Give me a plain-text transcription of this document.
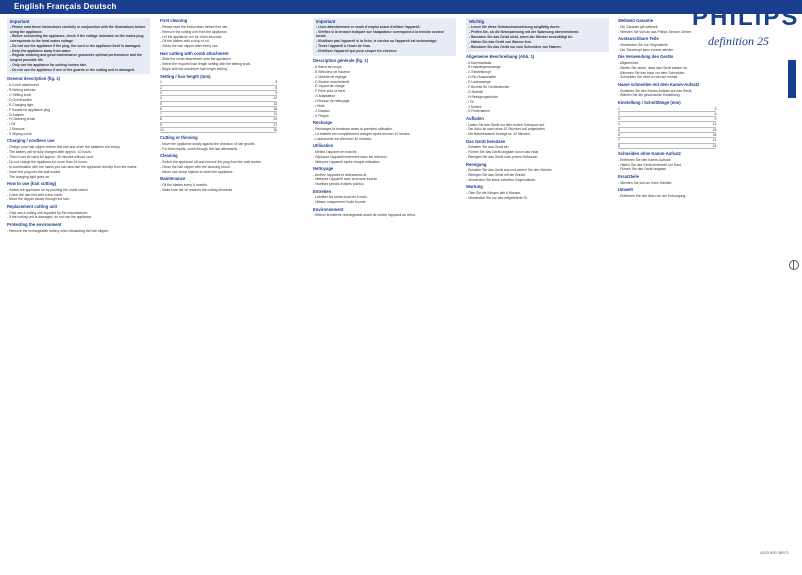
English Français Deutsch	PHILIPS
definition 25
4203 000 38971
Important
- Please read these instructions carefully in conjunction with the illustrations before using the appliance.
- Before connecting the appliance, check if the voltage indicated on the mains plug corresponds to the local mains voltage.
- Do not use the appliance if the plug, the cord or the appliance itself is damaged.
- Keep the appliance away from water.
- Regular cleaning and good maintenance guarantee optimal performance and the longest possible life.
- Only use the appliance for cutting human hair.
- Do not use the appliance if one of the guards or the cutting unit is damaged.
General description (fig. 1)
- A Comb attachment
- B Setting selector
- C Setting knob
- D On/off switch
- E Charging light
- F Socket for appliance plug
- G Adapter
- H Cleaning brush
- I Oil
- J Scissors
- K Styling comb
Charging / cordless use
- Charge your hair clipper before first use and when the batteries are empty.
- The battery will be fully charged after approx. 10 hours.
- Then it can be used for approx. 40 minutes without cord.
- Do not charge the appliance for more than 24 hours.
- In combination with the mains you can also use the appliance directly from the mains.
- Insert the plug into the wall socket.
- The charging light goes on.
How to use (hair cutting)
- Switch the appliance on by pushing the on/off switch.
- Comb the hair first with a fine comb.
- Move the clipper slowly through the hair.
Replacement cutting unit
- Only use a cutting unit supplied by the manufacturer.
- If the cutting unit is damaged, do not use the appliance.
Protecting the environment
- Remove the rechargeable battery when discarding the hair clipper.
First cleaning
- Please read the instructions before first use.
- Remove the cutting unit from the appliance.
- Let the appliance run for a few seconds.
- Oil the blades with a drop of oil.
- Clean the hair clipper after every use.
Hair cutting with comb attachment
- Slide the comb attachment onto the appliance.
- Select the required hair length setting with the setting knob.
- Begin with the maximum hair length setting.
Setting / hair length (mm)
1	3
2	6
3	9
4	12
5	15
6	18
7	21
8	24
9	27
10	30
Cutting or thinning
- Move the appliance slowly against the direction of hair growth.
- For best results, comb through the hair afterwards.
Cleaning
- Switch the appliance off and remove the plug from the wall socket.
- Clean the hair clipper with the cleaning brush.
- Never use sharp objects to clean the appliance.
Maintenance
- Oil the blades every 6 months.
- Make sure the oil reaches the cutting elements.
Important
- Lisez attentivement ce mode d'emploi avant d'utiliser l'appareil.
- Vérifiez si la tension indiquée sur l'adaptateur correspond à la tension secteur locale.
- N'utilisez pas l'appareil si la fiche, le cordon ou l'appareil est endommagé.
- Tenez l'appareil à l'écart de l'eau.
- N'utilisez l'appareil que pour couper les cheveux.
Description générale (fig. 1)
- A Sabot de coupe
- B Sélecteur de hauteur
- C Molette de réglage
- D Bouton marche/arrêt
- E Voyant de charge
- F Prise pour la fiche
- G Adaptateur
- H Brosse de nettoyage
- I Huile
- J Ciseaux
- K Peigne
Recharge
- Rechargez la tondeuse avant la première utilisation.
- La batterie est complètement chargée après environ 10 heures.
- L'autonomie est d'environ 40 minutes.
Utilisation
- Mettez l'appareil en marche.
- Déplacez l'appareil lentement dans les cheveux.
- Nettoyez l'appareil après chaque utilisation.
Nettoyage
- Arrêtez l'appareil et débranchez-le.
- Nettoyez l'appareil avec la brosse fournie.
- N'utilisez jamais d'objets pointus.
Entretien
- Lubrifiez les lames tous les 6 mois.
- Utilisez uniquement l'huile fournie.
Environnement
- Retirez la batterie rechargeable avant de mettre l'appareil au rebut.
Wichtig
- Lesen Sie diese Gebrauchsanweisung sorgfältig durch.
- Prüfen Sie, ob die Netzspannung mit der Spannung übereinstimmt.
- Benutzen Sie das Gerät nicht, wenn der Stecker beschädigt ist.
- Halten Sie das Gerät von Wasser fern.
- Benutzen Sie das Gerät nur zum Schneiden von Haaren.
Allgemeine Beschreibung (Abb. 1)
- A Kammaufsatz
- B Haarlängenanzeige
- C Einstellknopf
- D Ein-/Ausschalter
- E Ladeanzeige
- F Buchse für Gerätestecker
- G Netzteil
- H Reinigungsbürste
- I Öl
- J Schere
- K Frisierkamm
Aufladen
- Laden Sie das Gerät vor dem ersten Gebrauch auf.
- Der Akku ist nach etwa 10 Stunden voll aufgeladen.
- Die Betriebsdauer beträgt ca. 40 Minuten.
Das Gerät benutzen
- Schalten Sie das Gerät ein.
- Führen Sie das Gerät langsam durch das Haar.
- Reinigen Sie das Gerät nach jedem Gebrauch.
Reinigung
- Schalten Sie das Gerät aus und ziehen Sie den Stecker.
- Reinigen Sie das Gerät mit der Bürste.
- Verwenden Sie keine scharfen Gegenstände.
Wartung
- Ölen Sie die Klingen alle 6 Monate.
- Verwenden Sie nur das mitgelieferte Öl.
Weltweit Garantie
- Die Garantie gilt weltweit.
- Wenden Sie sich an das Philips Service Center.
Austauschbare Teile
- Verwenden Sie nur Originalteile.
- Der Scherkopf kann ersetzt werden.
Die Verwendung des Geräts
- Allgemeines
- Stellen Sie sicher, dass das Gerät sauber ist.
- Kämmen Sie das Haar vor dem Schneiden.
- Schneiden Sie nicht zu viel auf einmal.
Haare schneiden mit dem Kamm-Aufsatz
- Schieben Sie den Kamm-Aufsatz auf das Gerät.
- Wählen Sie die gewünschte Einstellung.
Einstellung / Schnittlänge (mm)
1	3
2	6
3	9
4	12
5	15
6	18
7	21
8	24
Schneiden ohne Kamm-Aufsatz
- Entfernen Sie den Kamm-Aufsatz.
- Halten Sie das Gerät senkrecht zur Haut.
- Führen Sie das Gerät langsam.
Ersatzteile
- Wenden Sie sich an Ihren Händler.
Umwelt
- Entfernen Sie den Akku vor der Entsorgung.
